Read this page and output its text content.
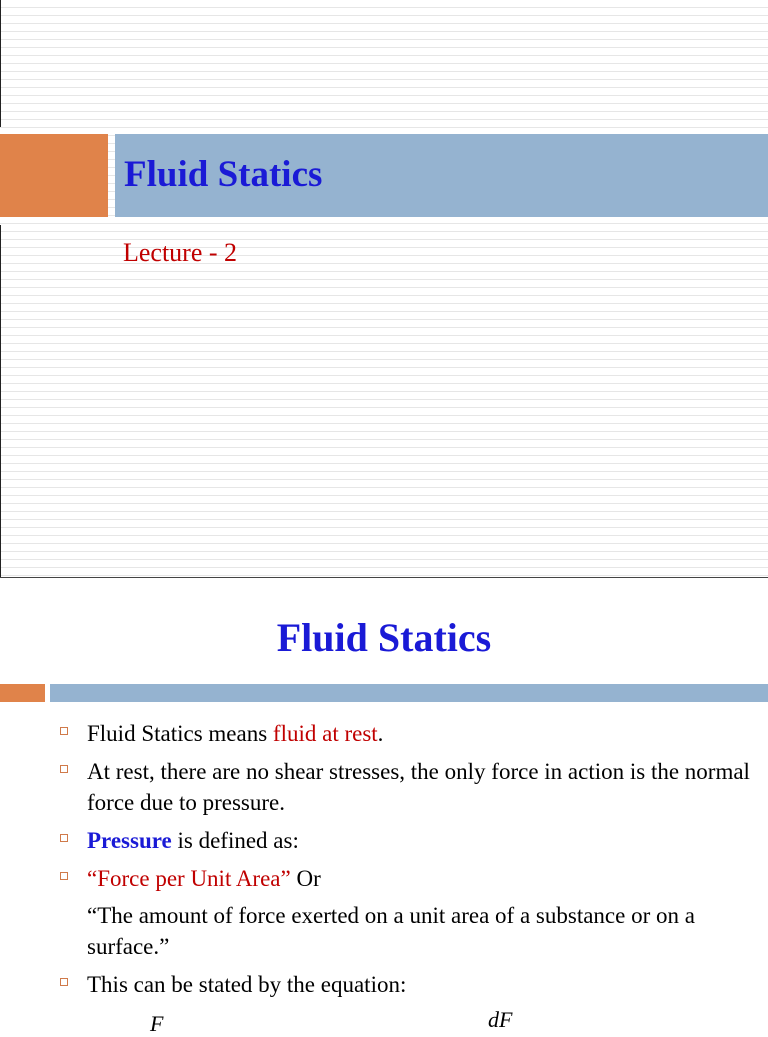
Fluid Statics
Lecture - 2
Fluid Statics
Fluid Statics means fluid at rest.
At rest, there are no shear stresses, the only force in action is the normal force due to pressure.
Pressure is defined as:
“Force per Unit Area” Or
“The amount of force exerted on a unit area of a substance or on a surface.”
This can be stated by the equation:
F	dF
